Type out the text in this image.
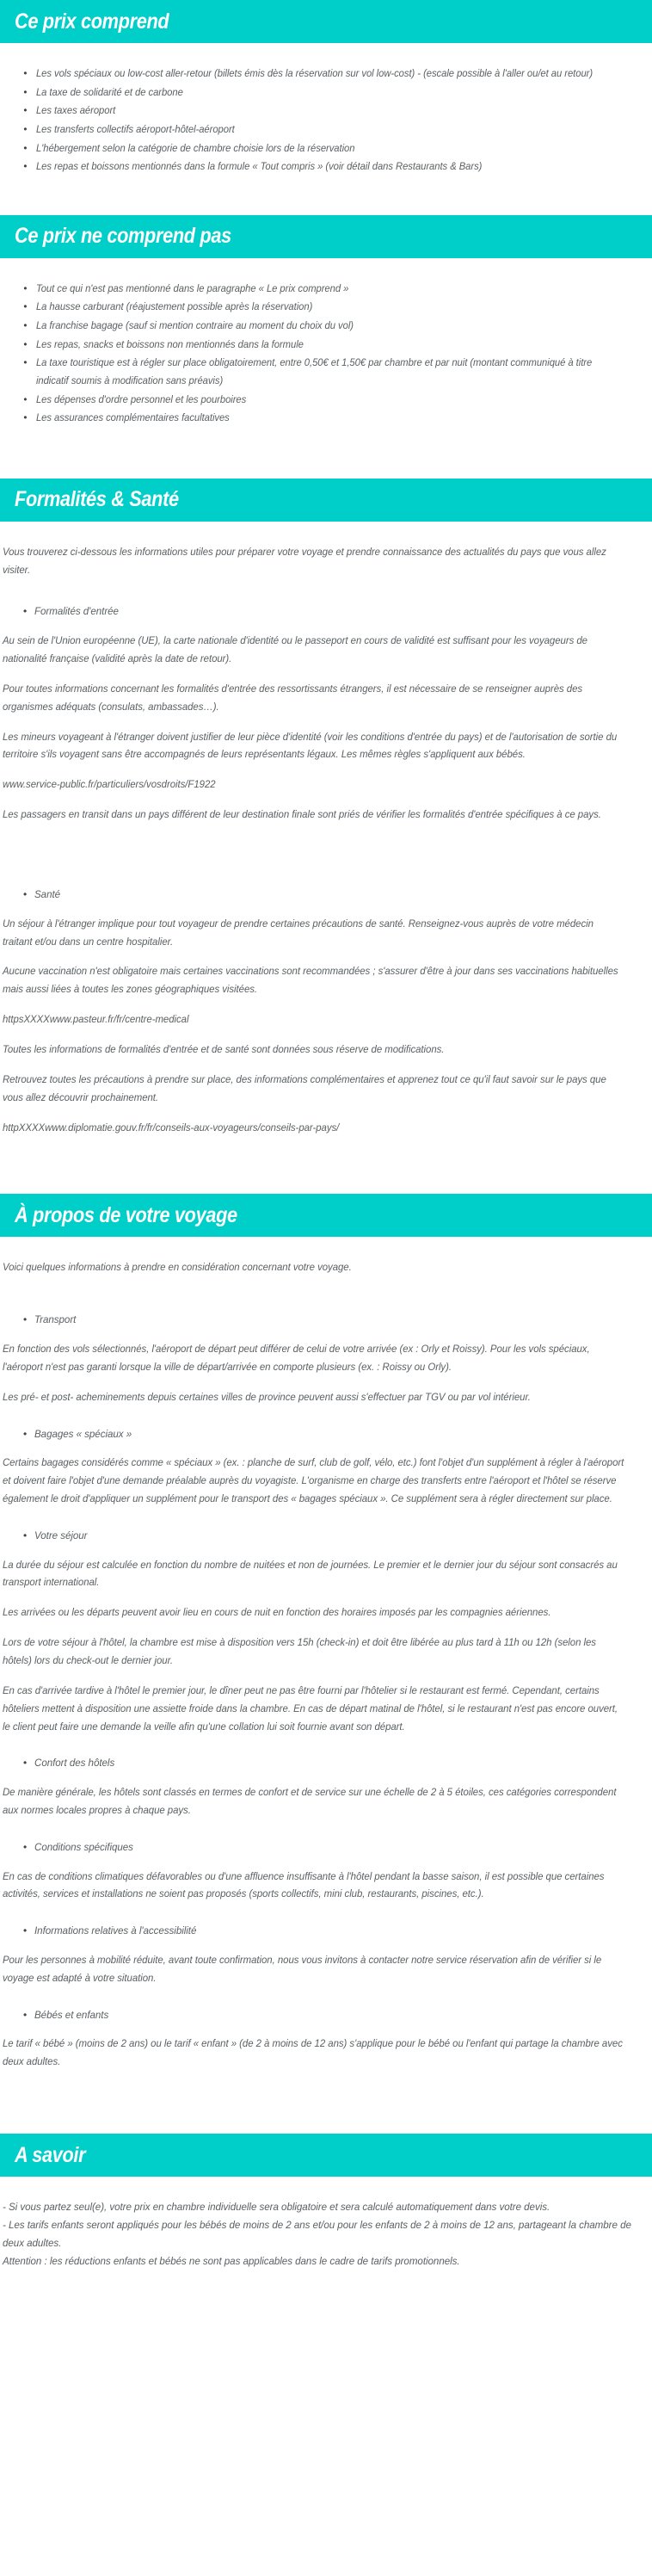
Ce prix comprend
• Les vols spéciaux ou low-cost aller-retour (billets émis dès la réservation sur vol low-cost) - (escale possible à l'aller ou/et au retour)
• La taxe de solidarité et de carbone
• Les taxes aéroport
• Les transferts collectifs aéroport-hôtel-aéroport
• L'hébergement selon la catégorie de chambre choisie lors de la réservation
• Les repas et boissons mentionnés dans la formule « Tout compris » (voir détail dans Restaurants & Bars)
Ce prix ne comprend pas
• Tout ce qui n'est pas mentionné dans le paragraphe « Le prix comprend »
• La hausse carburant (réajustement possible après la réservation)
• La franchise bagage (sauf si mention contraire au moment du choix du vol)
• Les repas, snacks et boissons non mentionnés dans la formule
• La taxe touristique est à régler sur place obligatoirement, entre 0,50€ et 1,50€ par chambre et par nuit (montant communiqué à titre indicatif soumis à modification sans préavis)
• Les dépenses d'ordre personnel et les pourboires
• Les assurances complémentaires facultatives
Formalités & Santé

Vous trouverez ci-dessous les informations utiles pour préparer votre voyage et prendre connaissance des actualités du pays que vous allez visiter.

• Formalités d'entrée

Au sein de l'Union européenne (UE), la carte nationale d'identité ou le passeport en cours de validité est suffisant pour les voyageurs de nationalité française (validité après la date de retour).

Pour toutes informations concernant les formalités d'entrée des ressortissants étrangers, il est nécessaire de se renseigner auprès des organismes adéquats (consulats, ambassades…).

Les mineurs voyageant à l'étranger doivent justifier de leur pièce d'identité (voir les conditions d'entrée du pays) et de l'autorisation de sortie du territoire s'ils voyagent sans être accompagnés de leurs représentants légaux. Les mêmes règles s'appliquent aux bébés.

www.service-public.fr/particuliers/vosdroits/F1922

Les passagers en transit dans un pays différent de leur destination finale sont priés de vérifier les formalités d'entrée spécifiques à ce pays.

• Santé

Un séjour à l'étranger implique pour tout voyageur de prendre certaines précautions de santé. Renseignez-vous auprès de votre médecin traitant et/ou dans un centre hospitalier.

Aucune vaccination n'est obligatoire mais certaines vaccinations sont recommandées ; s'assurer d'être à jour dans ses vaccinations habituelles mais aussi liées à toutes les zones géographiques visitées.

httpsXXXXwww.pasteur.fr/fr/centre-medical

Toutes les informations de formalités d'entrée et de santé sont données sous réserve de modifications.

Retrouvez toutes les précautions à prendre sur place, des informations complémentaires et apprenez tout ce qu'il faut savoir sur le pays que vous allez découvrir prochainement.

httpXXXXwww.diplomatie.gouv.fr/fr/conseils-aux-voyageurs/conseils-par-pays/

À propos de votre voyage

Voici quelques informations à prendre en considération concernant votre voyage.

• Transport

En fonction des vols sélectionnés, l'aéroport de départ peut différer de celui de votre arrivée (ex : Orly et Roissy). Pour les vols spéciaux, l'aéroport n'est pas garanti lorsque la ville de départ/arrivée en comporte plusieurs (ex. : Roissy ou Orly).

Les pré- et post- acheminements depuis certaines villes de province peuvent aussi s'effectuer par TGV ou par vol intérieur.

• Bagages « spéciaux »

Certains bagages considérés comme « spéciaux » (ex. : planche de surf, club de golf, vélo, etc.) font l'objet d'un supplément à régler à l'aéroport et doivent faire l'objet d'une demande préalable auprès du voyagiste. L'organisme en charge des transferts entre l'aéroport et l'hôtel se réserve également le droit d'appliquer un supplément pour le transport des « bagages spéciaux ». Ce supplément sera à régler directement sur place.

• Votre séjour

La durée du séjour est calculée en fonction du nombre de nuitées et non de journées. Le premier et le dernier jour du séjour sont consacrés au transport international.

Les arrivées ou les départs peuvent avoir lieu en cours de nuit en fonction des horaires imposés par les compagnies aériennes.

Lors de votre séjour à l'hôtel, la chambre est mise à disposition vers 15h (check-in) et doit être libérée au plus tard à 11h ou 12h (selon les hôtels) lors du check-out le dernier jour.

En cas d'arrivée tardive à l'hôtel le premier jour, le dîner peut ne pas être fourni par l'hôtelier si le restaurant est fermé. Cependant, certains hôteliers mettent à disposition une assiette froide dans la chambre. En cas de départ matinal de l'hôtel, si le restaurant n'est pas encore ouvert, le client peut faire une demande la veille afin qu'une collation lui soit fournie avant son départ.

• Confort des hôtels

De manière générale, les hôtels sont classés en termes de confort et de service sur une échelle de 2 à 5 étoiles, ces catégories correspondent aux normes locales propres à chaque pays.

• Conditions spécifiques

En cas de conditions climatiques défavorables ou d'une affluence insuffisante à l'hôtel pendant la basse saison, il est possible que certaines activités, services et installations ne soient pas proposés (sports collectifs, mini club, restaurants, piscines, etc.).

• Informations relatives à l'accessibilité

Pour les personnes à mobilité réduite, avant toute confirmation, nous vous invitons à contacter notre service réservation afin de vérifier si le voyage est adapté à votre situation.

• Bébés et enfants

Le tarif « bébé » (moins de 2 ans) ou le tarif « enfant » (de 2 à moins de 12 ans) s'applique pour le bébé ou l'enfant qui partage la chambre avec deux adultes.

A savoir

- Si vous partez seul(e), votre prix en chambre individuelle sera obligatoire et sera calculé automatiquement dans votre devis.

- Les tarifs enfants seront appliqués pour les bébés de moins de 2 ans et/ou pour les enfants de 2 à moins de 12 ans, partageant la chambre de deux adultes.

Attention : les réductions enfants et bébés ne sont pas applicables dans le cadre de tarifs promotionnels.
